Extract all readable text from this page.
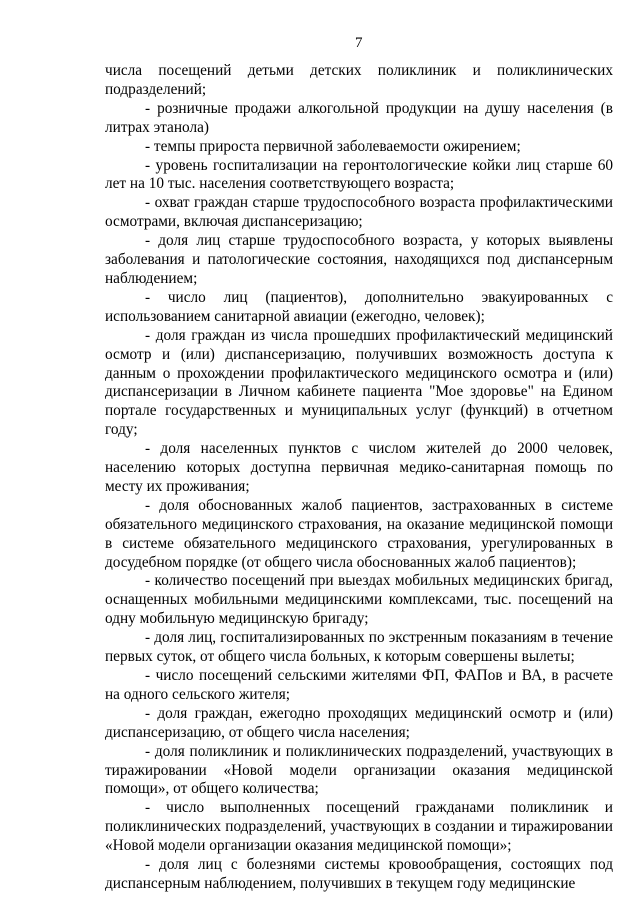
7

числа посещений детьми детских поликлиник и поликлинических подразделений;

- розничные продажи алкогольной продукции на душу населения (в литрах этанола)

- темпы прироста первичной заболеваемости ожирением;

- уровень госпитализации на геронтологические койки лиц старше 60 лет на 10 тыс. населения соответствующего возраста;

- охват граждан старше трудоспособного возраста профилактическими осмотрами, включая диспансеризацию;

- доля лиц старше трудоспособного возраста, у которых выявлены заболевания и патологические состояния, находящихся под диспансерным наблюдением;

- число лиц (пациентов), дополнительно эвакуированных с использованием санитарной авиации (ежегодно, человек);

- доля граждан из числа прошедших профилактический медицинский осмотр и (или) диспансеризацию, получивших возможность доступа к данным о прохождении профилактического медицинского осмотра и (или) диспансеризации в Личном кабинете пациента "Мое здоровье" на Едином портале государственных и муниципальных услуг (функций) в отчетном году;

- доля населенных пунктов с числом жителей до 2000 человек, населению которых доступна первичная медико-санитарная помощь по месту их проживания;

- доля обоснованных жалоб пациентов, застрахованных в системе обязательного медицинского страхования, на оказание медицинской помощи в системе обязательного медицинского страхования, урегулированных в досудебном порядке (от общего числа обоснованных жалоб пациентов);

- количество посещений при выездах мобильных медицинских бригад, оснащенных мобильными медицинскими комплексами, тыс. посещений на одну мобильную медицинскую бригаду;

- доля лиц, госпитализированных по экстренным показаниям в течение первых суток, от общего числа больных, к которым совершены вылеты;

- число посещений сельскими жителями ФП, ФАПов и ВА, в расчете на одного сельского жителя;

- доля граждан, ежегодно проходящих медицинский осмотр и (или) диспансеризацию, от общего числа населения;

- доля поликлиник и поликлинических подразделений, участвующих в тиражировании «Новой модели организации оказания медицинской помощи», от общего количества;

- число выполненных посещений гражданами поликлиник и поликлинических подразделений, участвующих в создании и тиражировании «Новой модели организации оказания медицинской помощи»;

- доля лиц с болезнями системы кровообращения, состоящих под диспансерным наблюдением, получивших в текущем году медицинские
